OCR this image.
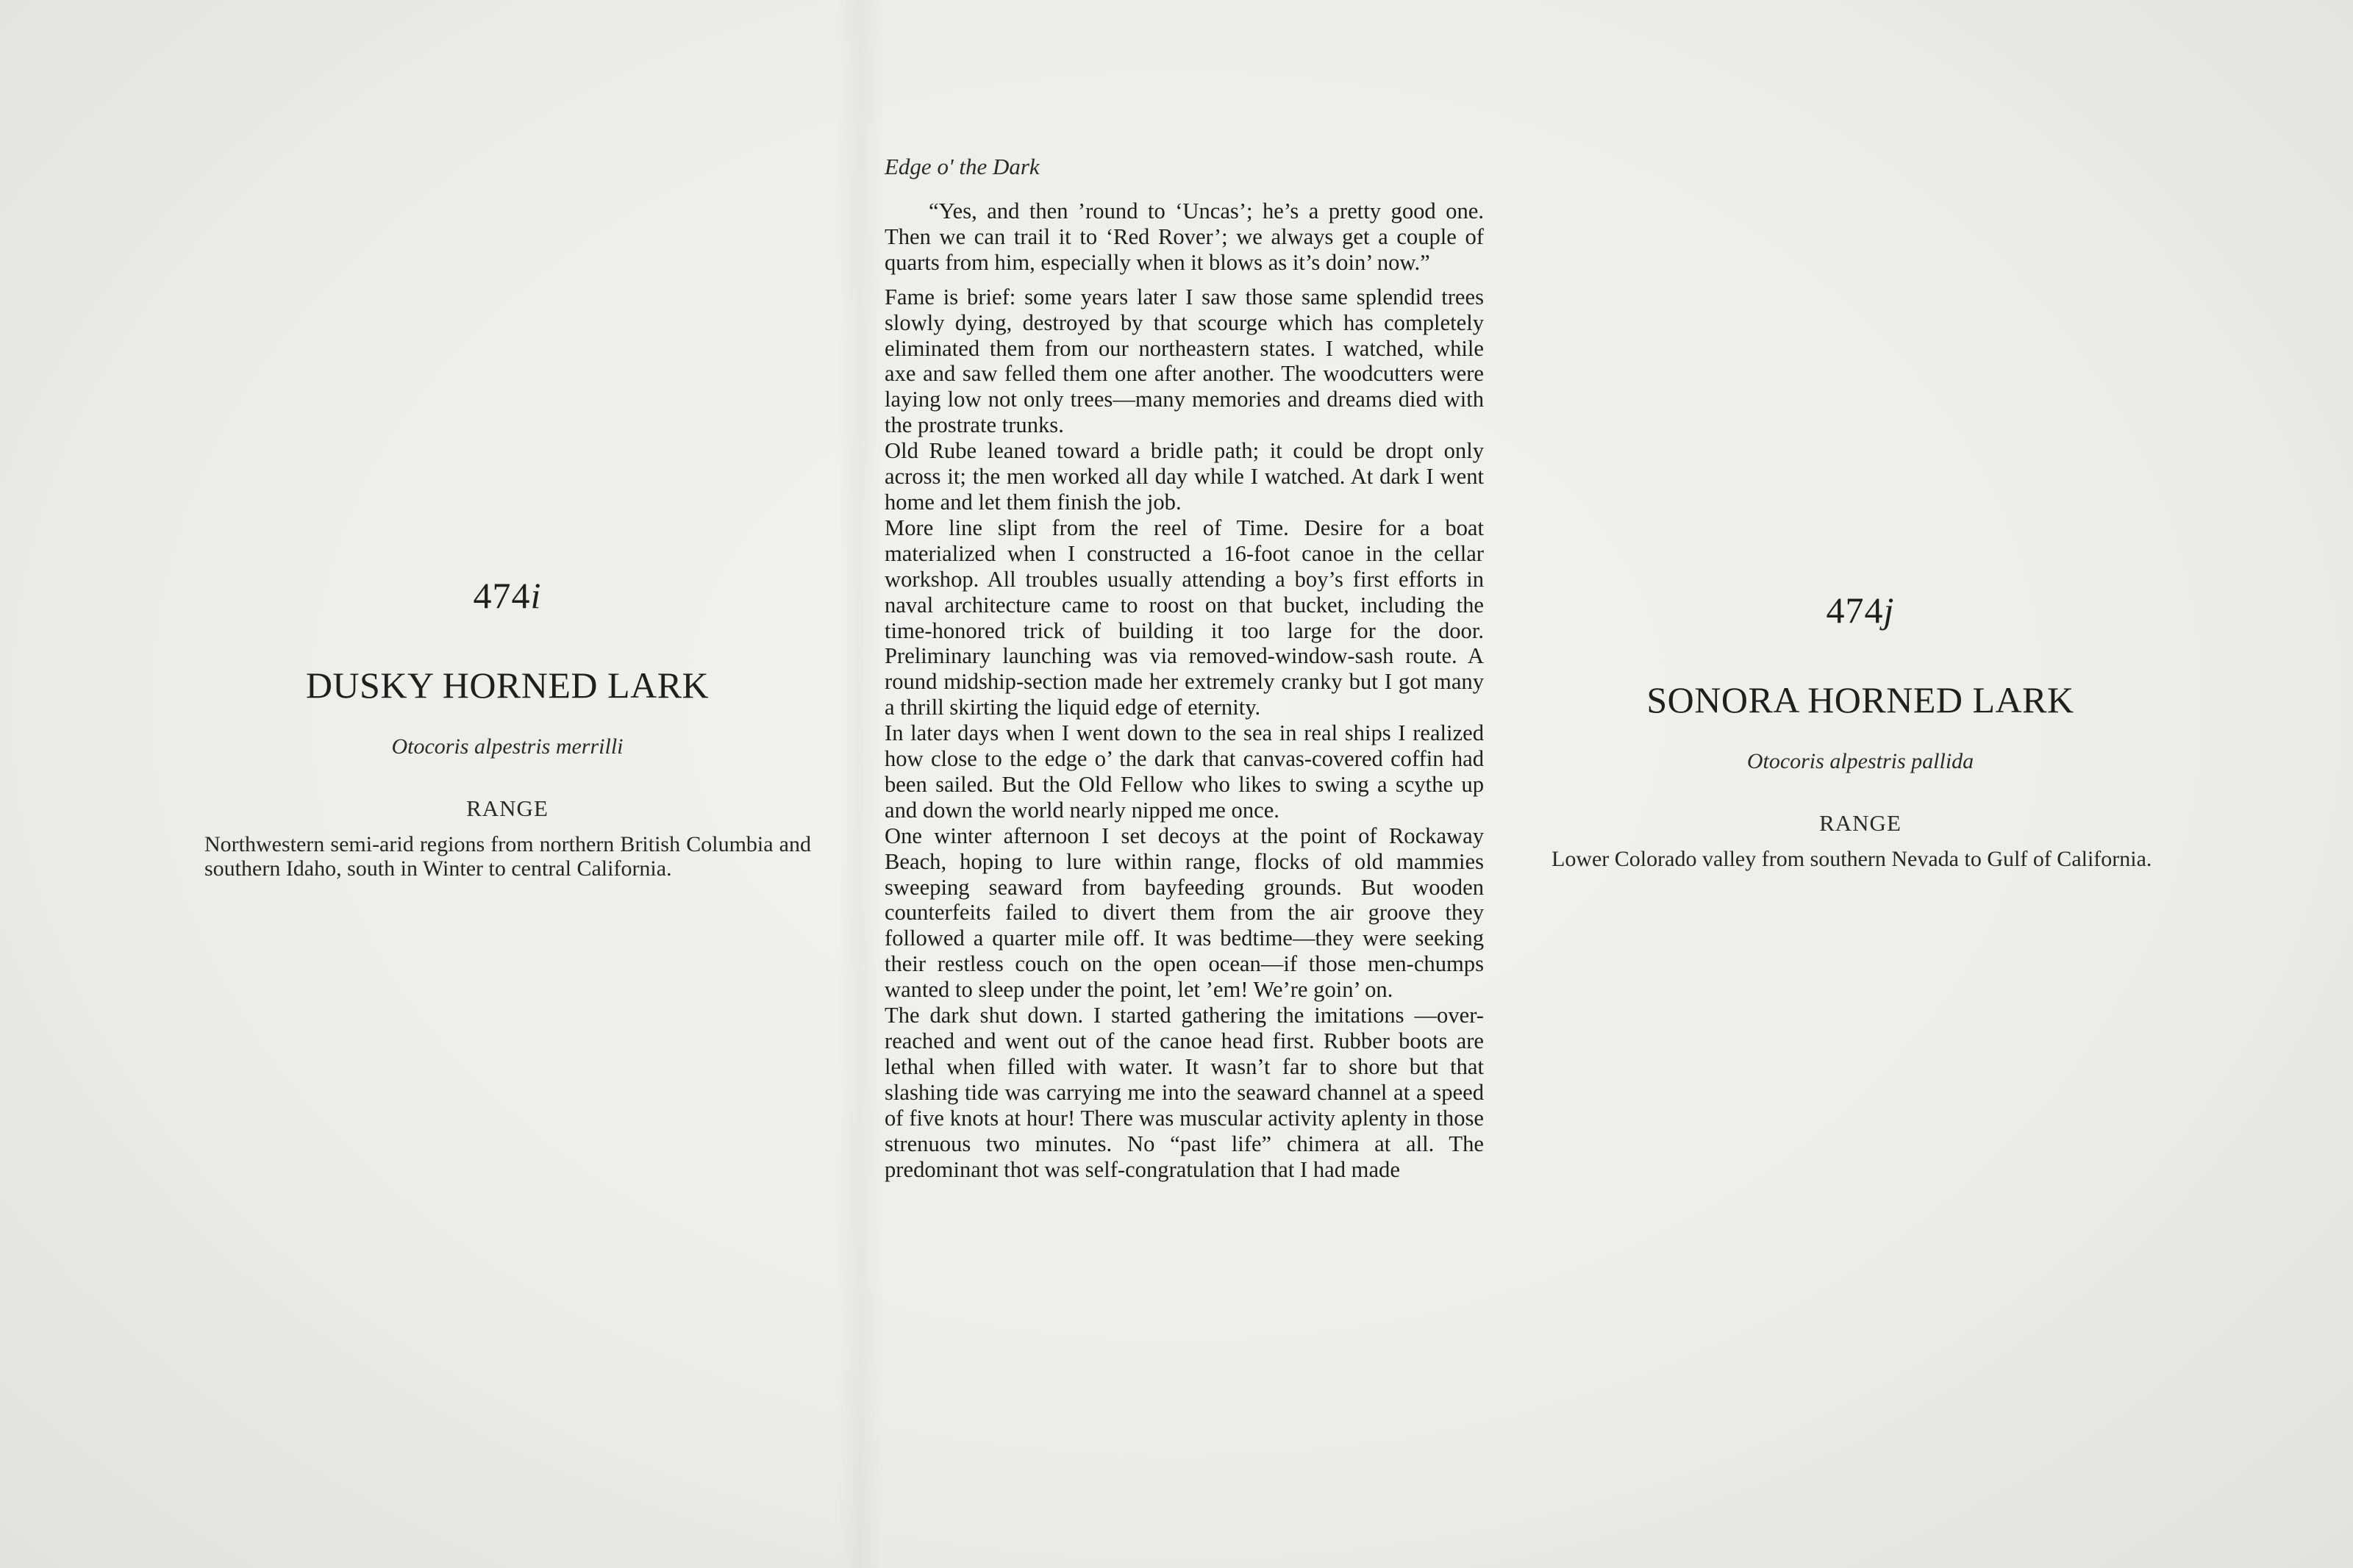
474i

DUSKY HORNED LARK

Otocoris alpestris merrilli

RANGE

Northwestern semi-arid regions from northern British Columbia and southern Idaho, south in Winter to central California.

Edge o' the Dark

“Yes, and then ’round to ‘Uncas’; he’s a pretty good one. Then we can trail it to ‘Red Rover’; we always get a couple of quarts from him, especially when it blows as it’s doin’ now.”

Fame is brief: some years later I saw those same splendid trees slowly dying, destroyed by that scourge which has completely eliminated them from our northeastern states. I watched, while axe and saw felled them one after another. The woodcutters were laying low not only trees—many memories and dreams died with the prostrate trunks.

Old Rube leaned toward a bridle path; it could be dropt only across it; the men worked all day while I watched. At dark I went home and let them finish the job.

More line slipt from the reel of Time. Desire for a boat materialized when I constructed a 16-foot canoe in the cellar workshop. All troubles usually attending a boy’s first efforts in naval architecture came to roost on that bucket, including the time-honored trick of building it too large for the door. Preliminary launching was via removed-window-sash route. A round midship-section made her extremely cranky but I got many a thrill skirting the liquid edge of eternity.

In later days when I went down to the sea in real ships I realized how close to the edge o’ the dark that canvas-covered coffin had been sailed. But the Old Fellow who likes to swing a scythe up and down the world nearly nipped me once.

One winter afternoon I set decoys at the point of Rockaway Beach, hoping to lure within range, flocks of old mammies sweeping seaward from bayfeeding grounds. But wooden counterfeits failed to divert them from the air groove they followed a quarter mile off. It was bedtime—they were seeking their restless couch on the open ocean—if those men-chumps wanted to sleep under the point, let ’em! We’re goin’ on.

The dark shut down. I started gathering the imitations —over-reached and went out of the canoe head first. Rubber boots are lethal when filled with water. It wasn’t far to shore but that slashing tide was carrying me into the seaward channel at a speed of five knots at hour! There was muscular activity aplenty in those strenuous two minutes. No “past life” chimera at all. The predominant thot was self-congratulation that I had made

474j

SONORA HORNED LARK

Otocoris alpestris pallida

RANGE

Lower Colorado valley from southern Nevada to Gulf of California.
